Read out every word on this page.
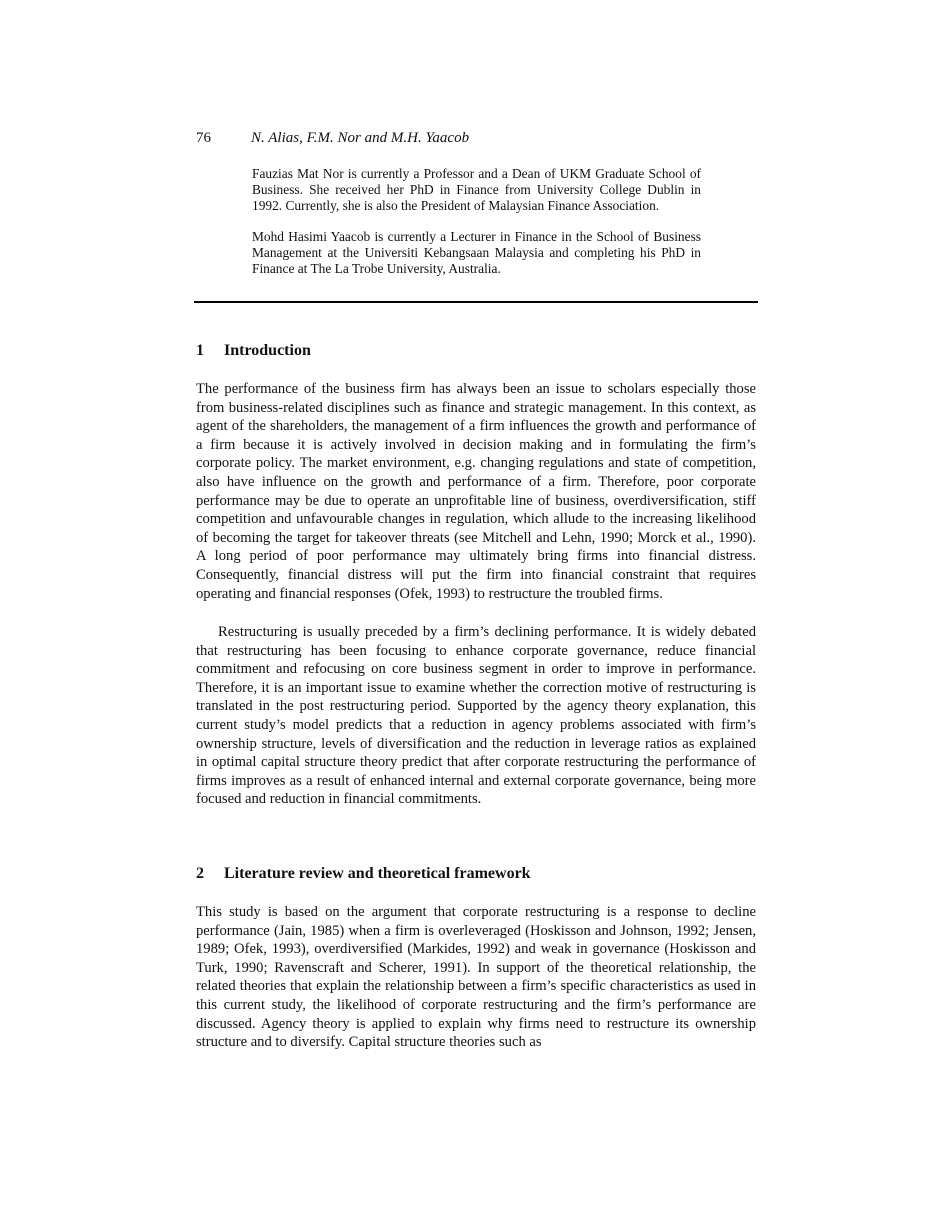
76	N. Alias, F.M. Nor and M.H. Yaacob

Fauzias Mat Nor is currently a Professor and a Dean of UKM Graduate School of Business. She received her PhD in Finance from University College Dublin in 1992. Currently, she is also the President of Malaysian Finance Association.

Mohd Hasimi Yaacob is currently a Lecturer in Finance in the School of Business Management at the Universiti Kebangsaan Malaysia and completing his PhD in Finance at The La Trobe University, Australia.

1 Introduction

The performance of the business firm has always been an issue to scholars especially those from business-related disciplines such as finance and strategic management. In this context, as agent of the shareholders, the management of a firm influences the growth and performance of a firm because it is actively involved in decision making and in formulating the firm’s corporate policy. The market environment, e.g. changing regulations and state of competition, also have influence on the growth and performance of a firm. Therefore, poor corporate performance may be due to operate an unprofitable line of business, overdiversification, stiff competition and unfavourable changes in regulation, which allude to the increasing likelihood of becoming the target for takeover threats (see Mitchell and Lehn, 1990; Morck et al., 1990). A long period of poor performance may ultimately bring firms into financial distress. Consequently, financial distress will put the firm into financial constraint that requires operating and financial responses (Ofek, 1993) to restructure the troubled firms.

Restructuring is usually preceded by a firm’s declining performance. It is widely debated that restructuring has been focusing to enhance corporate governance, reduce financial commitment and refocusing on core business segment in order to improve in performance. Therefore, it is an important issue to examine whether the correction motive of restructuring is translated in the post restructuring period. Supported by the agency theory explanation, this current study’s model predicts that a reduction in agency problems associated with firm’s ownership structure, levels of diversification and the reduction in leverage ratios as explained in optimal capital structure theory predict that after corporate restructuring the performance of firms improves as a result of enhanced internal and external corporate governance, being more focused and reduction in financial commitments.

2 Literature review and theoretical framework

This study is based on the argument that corporate restructuring is a response to decline performance (Jain, 1985) when a firm is overleveraged (Hoskisson and Johnson, 1992; Jensen, 1989; Ofek, 1993), overdiversified (Markides, 1992) and weak in governance (Hoskisson and Turk, 1990; Ravenscraft and Scherer, 1991). In support of the theoretical relationship, the related theories that explain the relationship between a firm’s specific characteristics as used in this current study, the likelihood of corporate restructuring and the firm’s performance are discussed. Agency theory is applied to explain why firms need to restructure its ownership structure and to diversify. Capital structure theories such as
